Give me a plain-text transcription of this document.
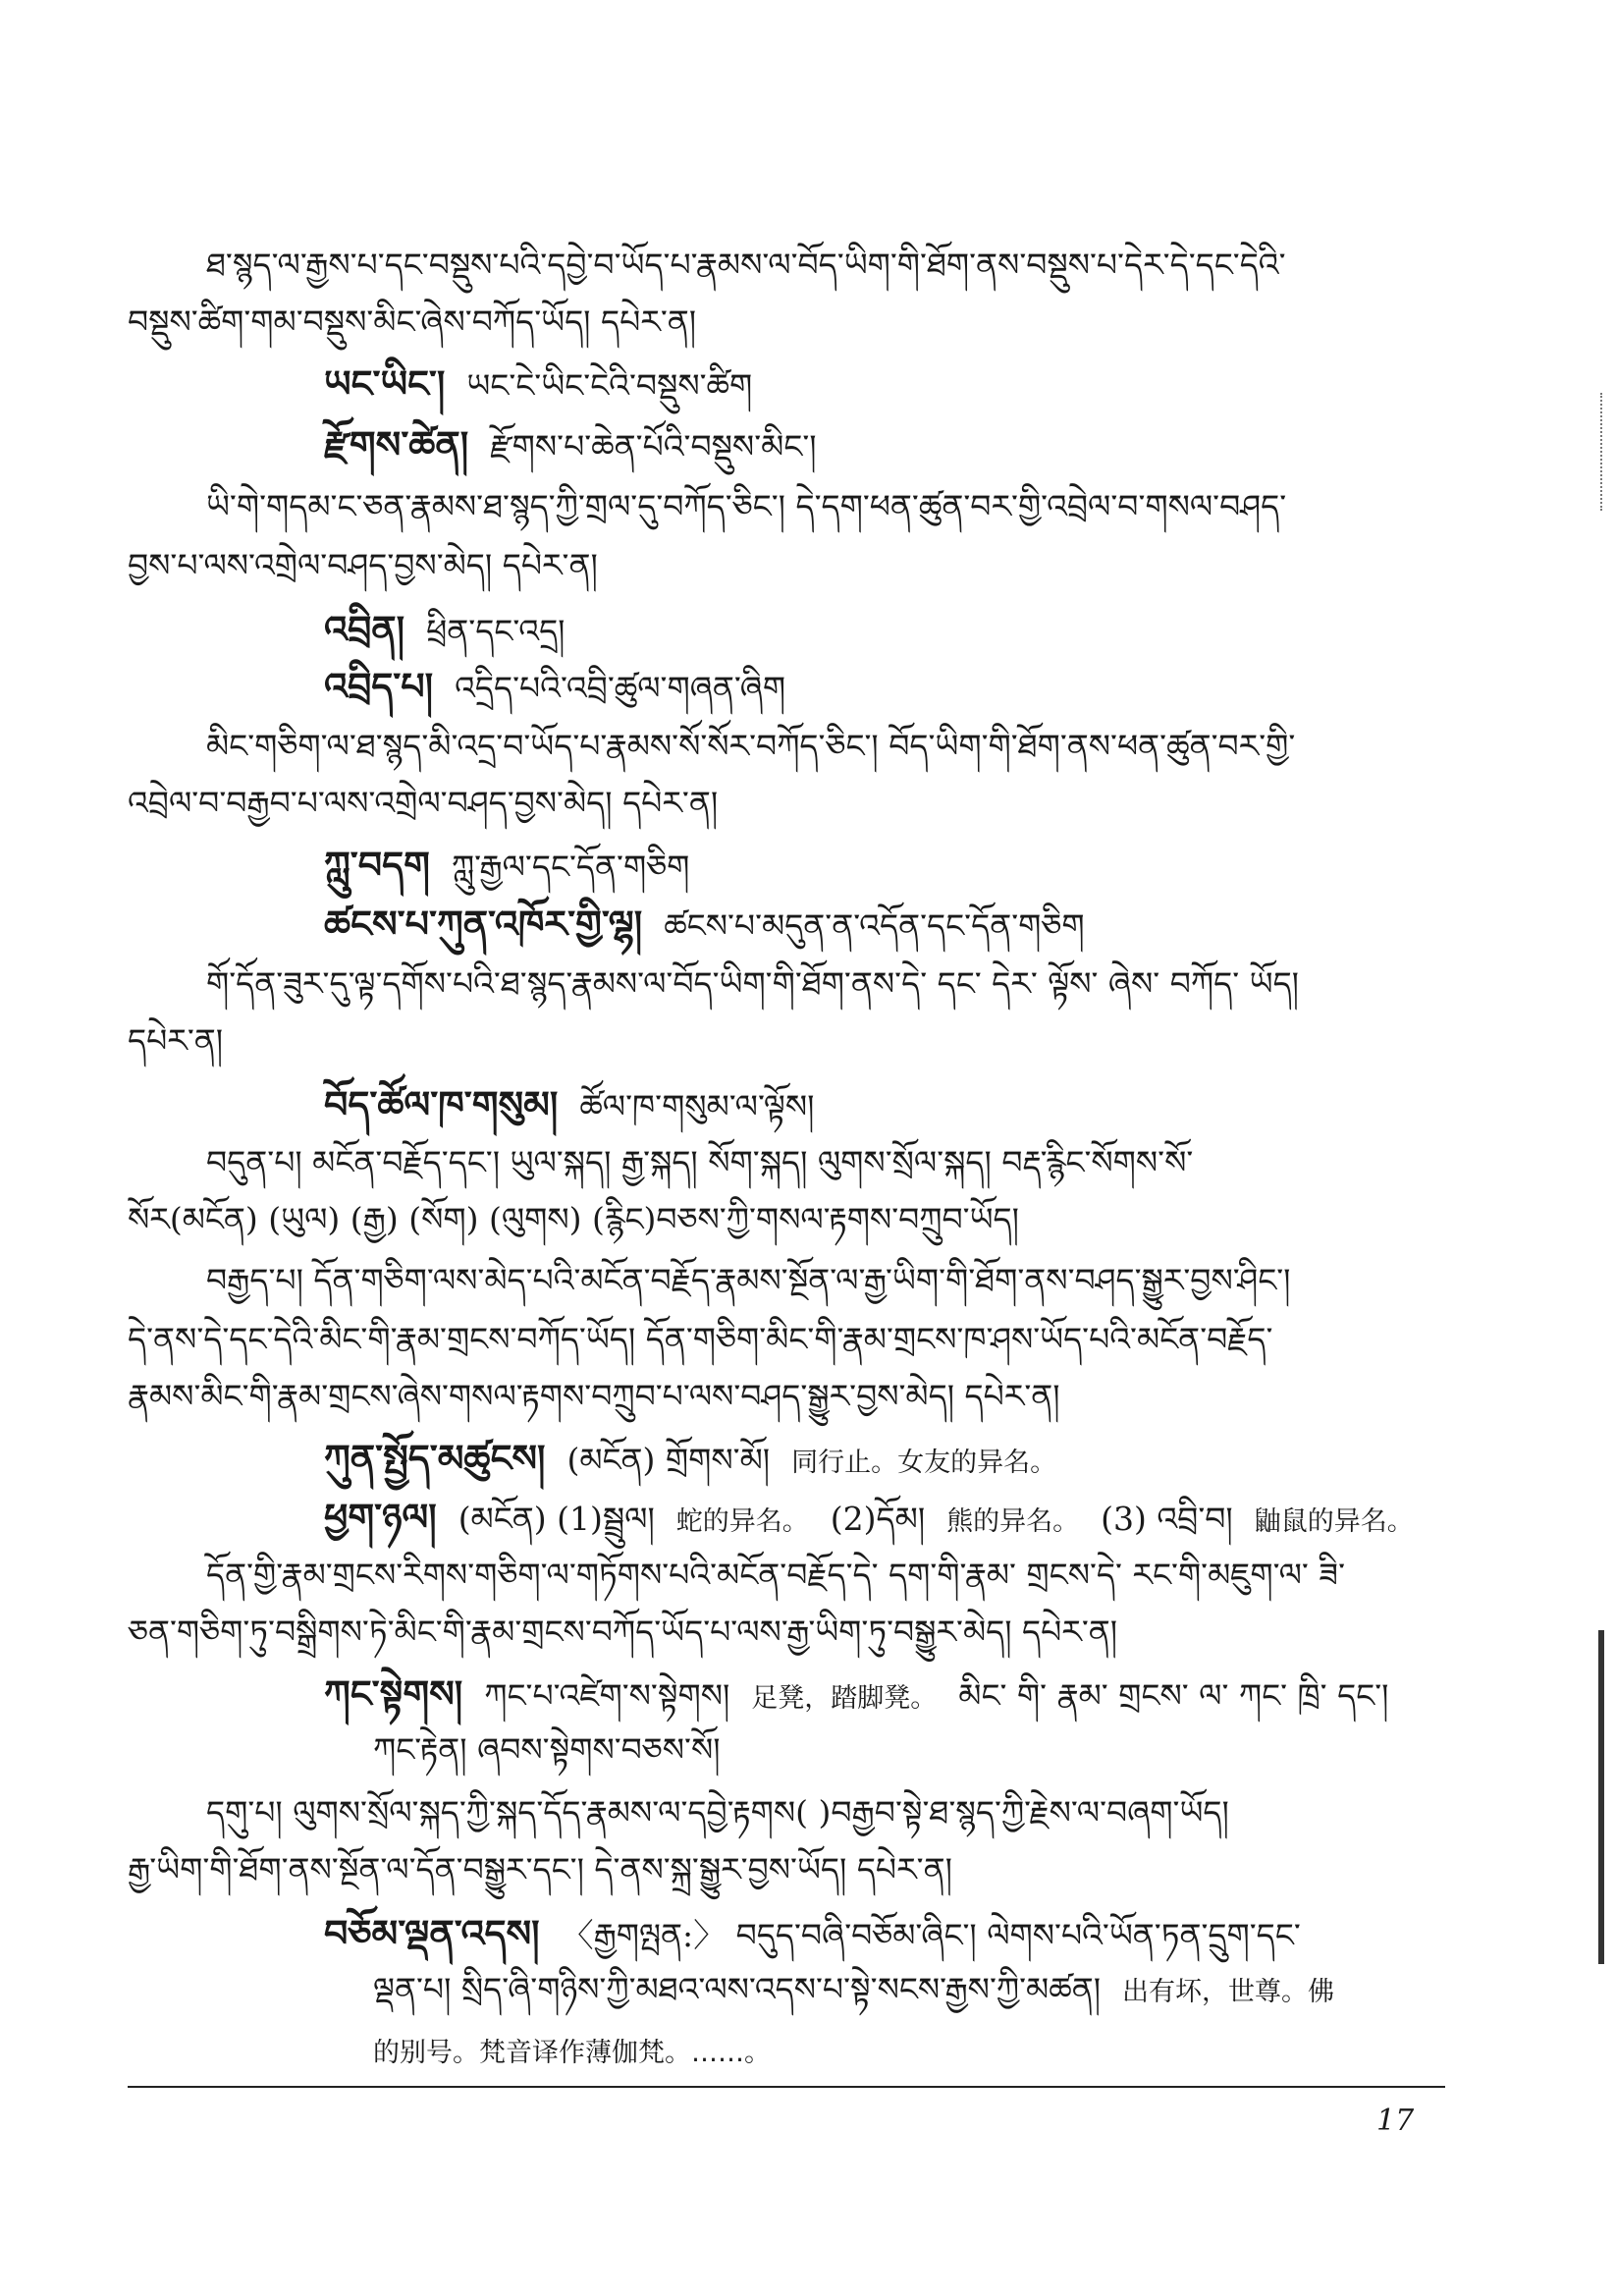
ཐ་སྙད་ལ་རྒྱས་པ་དང་བསྡུས་པའི་དབྱེ་བ་ཡོད་པ་རྣམས་ལ་བོད་ཡིག་གི་ཐོག་ནས་བསྡུས་པ་དེར་དེ་དང་དེའི་
བསྡུས་ཚིག་གམ་བསྡུས་མིང་ཞེས་བཀོད་ཡོད། དཔེར་ན།
ཡང་ཡིང་། ཡང་ངེ་ཡིང་ངེའི་བསྡུས་ཚིག
རྫོགས་ཚེན། རྫོགས་པ་ཆེན་པོའི་བསྡུས་མིང་།
ཡི་གེ་གདམ་ང་ཅན་རྣམས་ཐ་སྙད་ཀྱི་གྲལ་དུ་བཀོད་ཅིང་། དེ་དག་ཕན་ཚུན་བར་གྱི་འབྲེལ་བ་གསལ་བཤད་
བྱས་པ་ལས་འགྲེལ་བཤད་བྱས་མེད། དཔེར་ན།
འབྲིན། ཕྲིན་དང་འདྲ།
འབྲིད་པ། འདྲིད་པའི་འབྲི་ཚུལ་གཞན་ཞིག
མིང་གཅིག་ལ་ཐ་སྙད་མི་འདྲ་བ་ཡོད་པ་རྣམས་སོ་སོར་བཀོད་ཅིང་། བོད་ཡིག་གི་ཐོག་ནས་ཕན་ཚུན་བར་གྱི་
འབྲེལ་བ་བརྒྱབ་པ་ལས་འགྲེལ་བཤད་བྱས་མེད། དཔེར་ན།
ཀླུ་བདག ཀླུ་རྒྱལ་དང་དོན་གཅིག
ཚངས་པ་ཀུན་འཁོར་གྱི་ལྷ། ཚངས་པ་མདུན་ན་འདོན་དང་དོན་གཅིག
གོ་དོན་ཟུར་དུ་ལྟ་དགོས་པའི་ཐ་སྙད་རྣམས་ལ་བོད་ཡིག་གི་ཐོག་ནས་དེ་ དང་ དེར་ ལྟོས་ ཞེས་ བཀོད་ ཡོད།
དཔེར་ན།
བོད་ཚོལ་ཁ་གསུམ། ཚོལ་ཁ་གསུམ་ལ་ལྟོས།
བདུན་པ། མངོན་བརྗོད་དང་། ཡུལ་སྐད། རྒྱ་སྐད། སོག་སྐད། ལུགས་སྲོལ་སྐད། བརྡ་རྙིང་སོགས་སོ་
སོར(མངོན) (ཡུལ) (རྒྱ) (སོག) (ལུགས) (རྙིང)བཅས་ཀྱི་གསལ་རྟགས་བཀྲུབ་ཡོད།
བརྒྱད་པ། དོན་གཅིག་ལས་མེད་པའི་མངོན་བརྗོད་རྣམས་སྔོན་ལ་རྒྱ་ཡིག་གི་ཐོག་ནས་བཤད་སྒྱུར་བྱས་ཤིང་།
དེ་ནས་དེ་དང་དེའི་མིང་གི་རྣམ་གྲངས་བཀོད་ཡོད། དོན་གཅིག་མིང་གི་རྣམ་གྲངས་ཁ་ཤས་ཡོད་པའི་མངོན་བརྗོད་
རྣམས་མིང་གི་རྣམ་གྲངས་ཞེས་གསལ་རྟགས་བཀྲུབ་པ་ལས་བཤད་སྒྱུར་བྱས་མེད། དཔེར་ན།
ཀུན་སྤྱོད་མཚུངས། (མངོན) གྲོགས་མོ། 同行止。女友的异名。
ཕྱག་ཉལ། (མངོན) (1)སྦྲུལ། 蛇的异名。 (2)དོམ། 熊的异名。 (3) འབྲི་བ། 鼬鼠的异名。
དོན་གྱི་རྣམ་གྲངས་རིགས་གཅིག་ལ་གཏོགས་པའི་མངོན་བརྗོད་དེ་ དག་གི་རྣམ་ གྲངས་དེ་ རང་གི་མཇུག་ལ་ ཟི་
ཅན་གཅིག་ཏུ་བསྒྲིགས་ཏེ་མིང་གི་རྣམ་གྲངས་བཀོད་ཡོད་པ་ལས་རྒྱ་ཡིག་ཏུ་བསྒྱུར་མེད། དཔེར་ན།
ཀང་སྟེགས། ཀང་པ་འཛེག་ས་སྟེགས། 足凳，踏脚凳。 མིང་ གི་ རྣམ་ གྲངས་ ལ་ ཀང་ ཁྲི་ དང་།
ཀང་རྟེན། ཞབས་སྟེགས་བཅས་སོ།
དགུ་པ། ལུགས་སྲོལ་སྐད་ཀྱི་སྐད་དོད་རྣམས་ལ་དབྱེ་རྟགས( )བརྒྱབ་སྟེ་ཐ་སྙད་ཀྱི་རྗེས་ལ་བཞག་ཡོད།
རྒྱ་ཡིག་གི་ཐོག་ནས་སྔོན་ལ་དོན་བསྒྱུར་དང་། དེ་ནས་སྐྲ་སྒྱུར་བྱས་ཡོད། དཔེར་ན།
བཅོམ་ལྡན་འདས། 〈རྒྱགལྤན:〉 བདུད་བཞི་བཅོམ་ཞིང་། ལེགས་པའི་ཡོན་ཏན་དྲུག་དང་
ལྡན་པ། སྲིད་ཞི་གཉིས་ཀྱི་མཐའ་ལས་འདས་པ་སྟེ་སངས་རྒྱས་ཀྱི་མཚན། 出有坏，世尊。佛
的别号。梵音译作薄伽梵。……。
17
